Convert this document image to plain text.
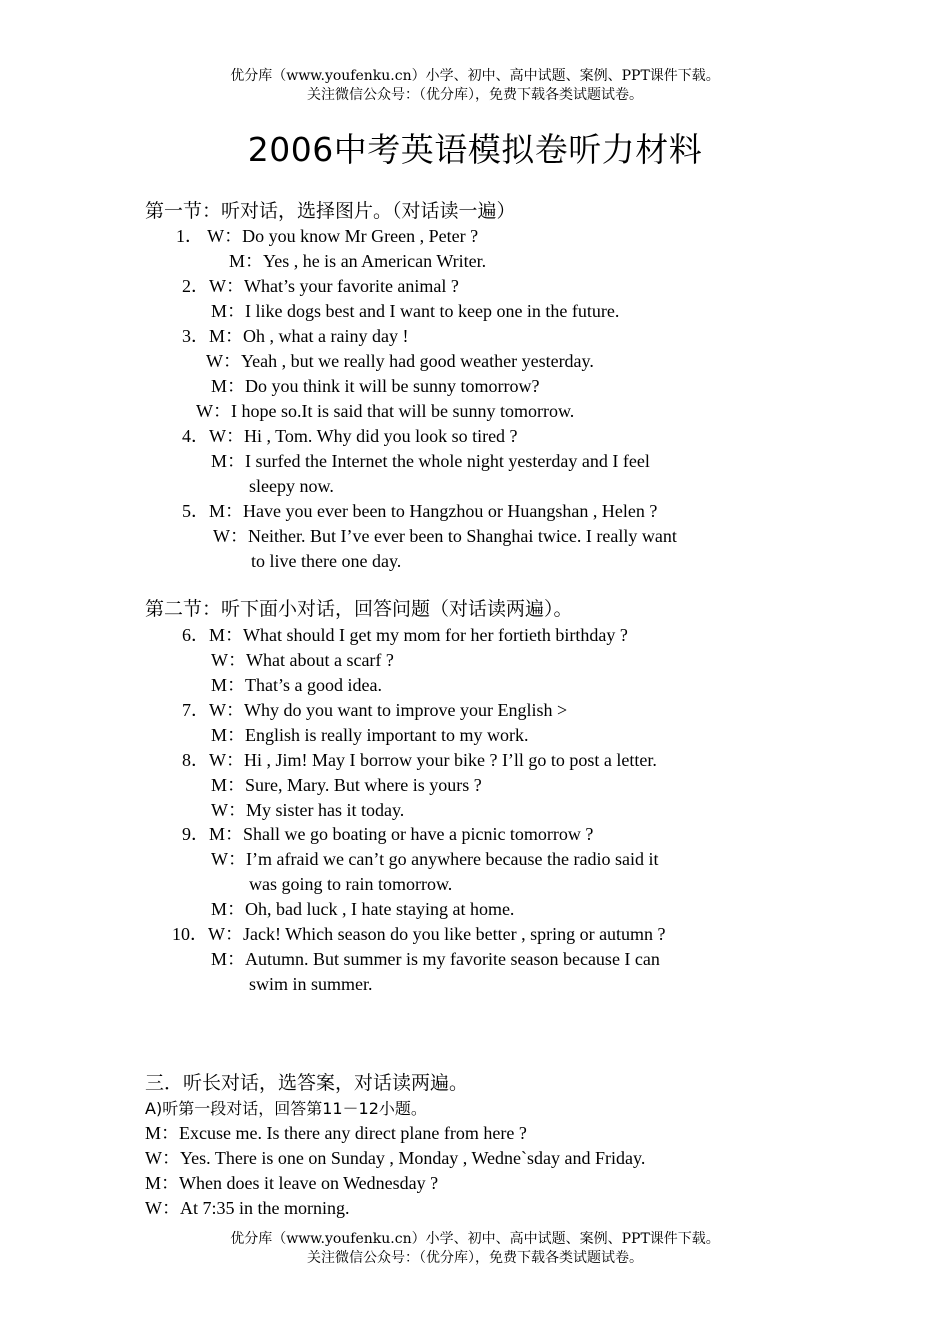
优分库（www.youfenku.cn）小学、初中、高中试题、案例、PPT课件下载。
关注微信公众号：（优分库），免费下载各类试题试卷。
2006中考英语模拟卷听力材料
第一节：听对话，选择图片。（对话读一遍）
1． W：Do you know Mr Green , Peter ?
M：Yes , he is an American Writer.
2．W：What’s your favorite animal ?
M：I like dogs best and I want to keep one in the future.
3．M：Oh , what a rainy day !
W：Yeah , but we really had good weather yesterday.
M：Do you think it will be sunny tomorrow?
W：I hope so.It is said that will be sunny tomorrow.
4．W：Hi , Tom. Why did you look so tired ?
M：I surfed the Internet the whole night yesterday and I feel
sleepy now.
5．M：Have you ever been to Hangzhou or Huangshan , Helen ?
W：Neither. But I’ve ever been to Shanghai twice. I really want
to live there one day.
第二节：听下面小对话，回答问题（对话读两遍）。
6．M：What should I get my mom for her fortieth birthday ?
W：What about a scarf ?
M：That’s a good idea.
7．W：Why do you want to improve your English >
M：English is really important to my work.
8．W：Hi , Jim! May I borrow your bike ? I’ll go to post a letter.
M：Sure, Mary. But where is yours ?
W：My sister has it today.
9．M：Shall we go boating or have a picnic tomorrow ?
W：I’m afraid we can’t go anywhere because the radio said it
was going to rain tomorrow.
M：Oh, bad luck , I hate staying at home.
10．W：Jack! Which season do you like better , spring or autumn ?
M：Autumn. But summer is my favorite season because I can
swim in summer.
三．听长对话，选答案，对话读两遍。
A)听第一段对话，回答第11－12小题。
M：Excuse me. Is there any direct plane from here ?
W：Yes. There is one on Sunday , Monday , Wedne`sday and Friday.
M：When does it leave on Wednesday ?
W：At 7:35 in the morning.
优分库（www.youfenku.cn）小学、初中、高中试题、案例、PPT课件下载。
关注微信公众号：（优分库），免费下载各类试题试卷。
